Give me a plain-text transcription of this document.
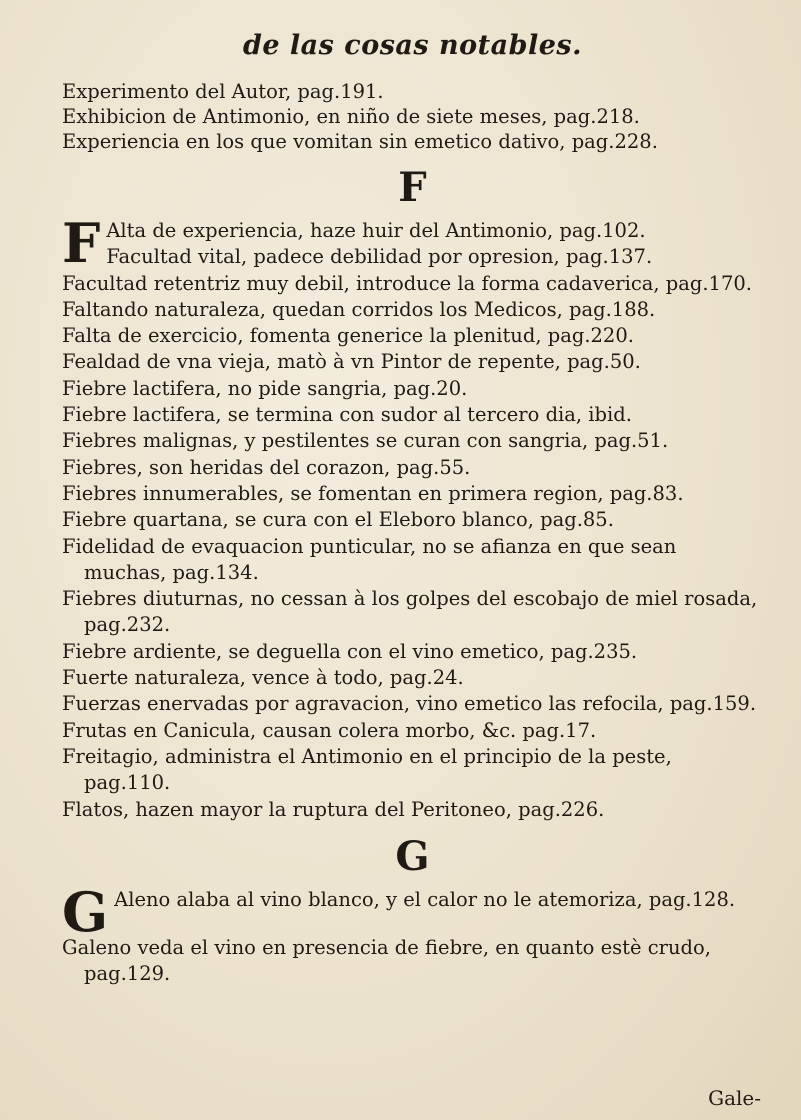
de las cosas notables.
Experimento del Autor, pag.191.
Exhibicion de Antimonio, en niño de siete meses, pag.218.
Experiencia en los que vomitan sin emetico dativo, pag.228.
F
F Alta de experiencia, haze huir del Antimonio, pag.102.
Facultad vital, padece debilidad por opresion, pag.137.
Facultad retentriz muy debil, introduce la forma cadaverica, pag.170.
Faltando naturaleza, quedan corridos los Medicos, pag.188.
Falta de exercicio, fomenta generice la plenitud, pag.220.
Fealdad de vna vieja, matò à vn Pintor de repente, pag.50.
Fiebre lactifera, no pide sangria, pag.20.
Fiebre lactifera, se termina con sudor al tercero dia, ibid.
Fiebres malignas, y pestilentes se curan con sangria, pag.51.
Fiebres, son heridas del corazon, pag.55.
Fiebres innumerables, se fomentan en primera region, pag.83.
Fiebre quartana, se cura con el Eleboro blanco, pag.85.
Fidelidad de evaquacion punticular, no se afianza en que sean muchas, pag.134.
Fiebres diuturnas, no cessan à los golpes del escobajo de miel rosada, pag.232.
Fiebre ardiente, se deguella con el vino emetico, pag.235.
Fuerte naturaleza, vence à todo, pag.24.
Fuerzas enervadas por agravacion, vino emetico las refocila, pag.159.
Frutas en Canicula, causan colera morbo, &c. pag.17.
Freitagio, administra el Antimonio en el principio de la peste, pag.110.
Flatos, hazen mayor la ruptura del Peritoneo, pag.226.
G
G Aleno alaba al vino blanco, y el calor no le atemoriza, pag.128.
Galeno veda el vino en presencia de fiebre, en quanto estè crudo, pag.129.
Gale-
